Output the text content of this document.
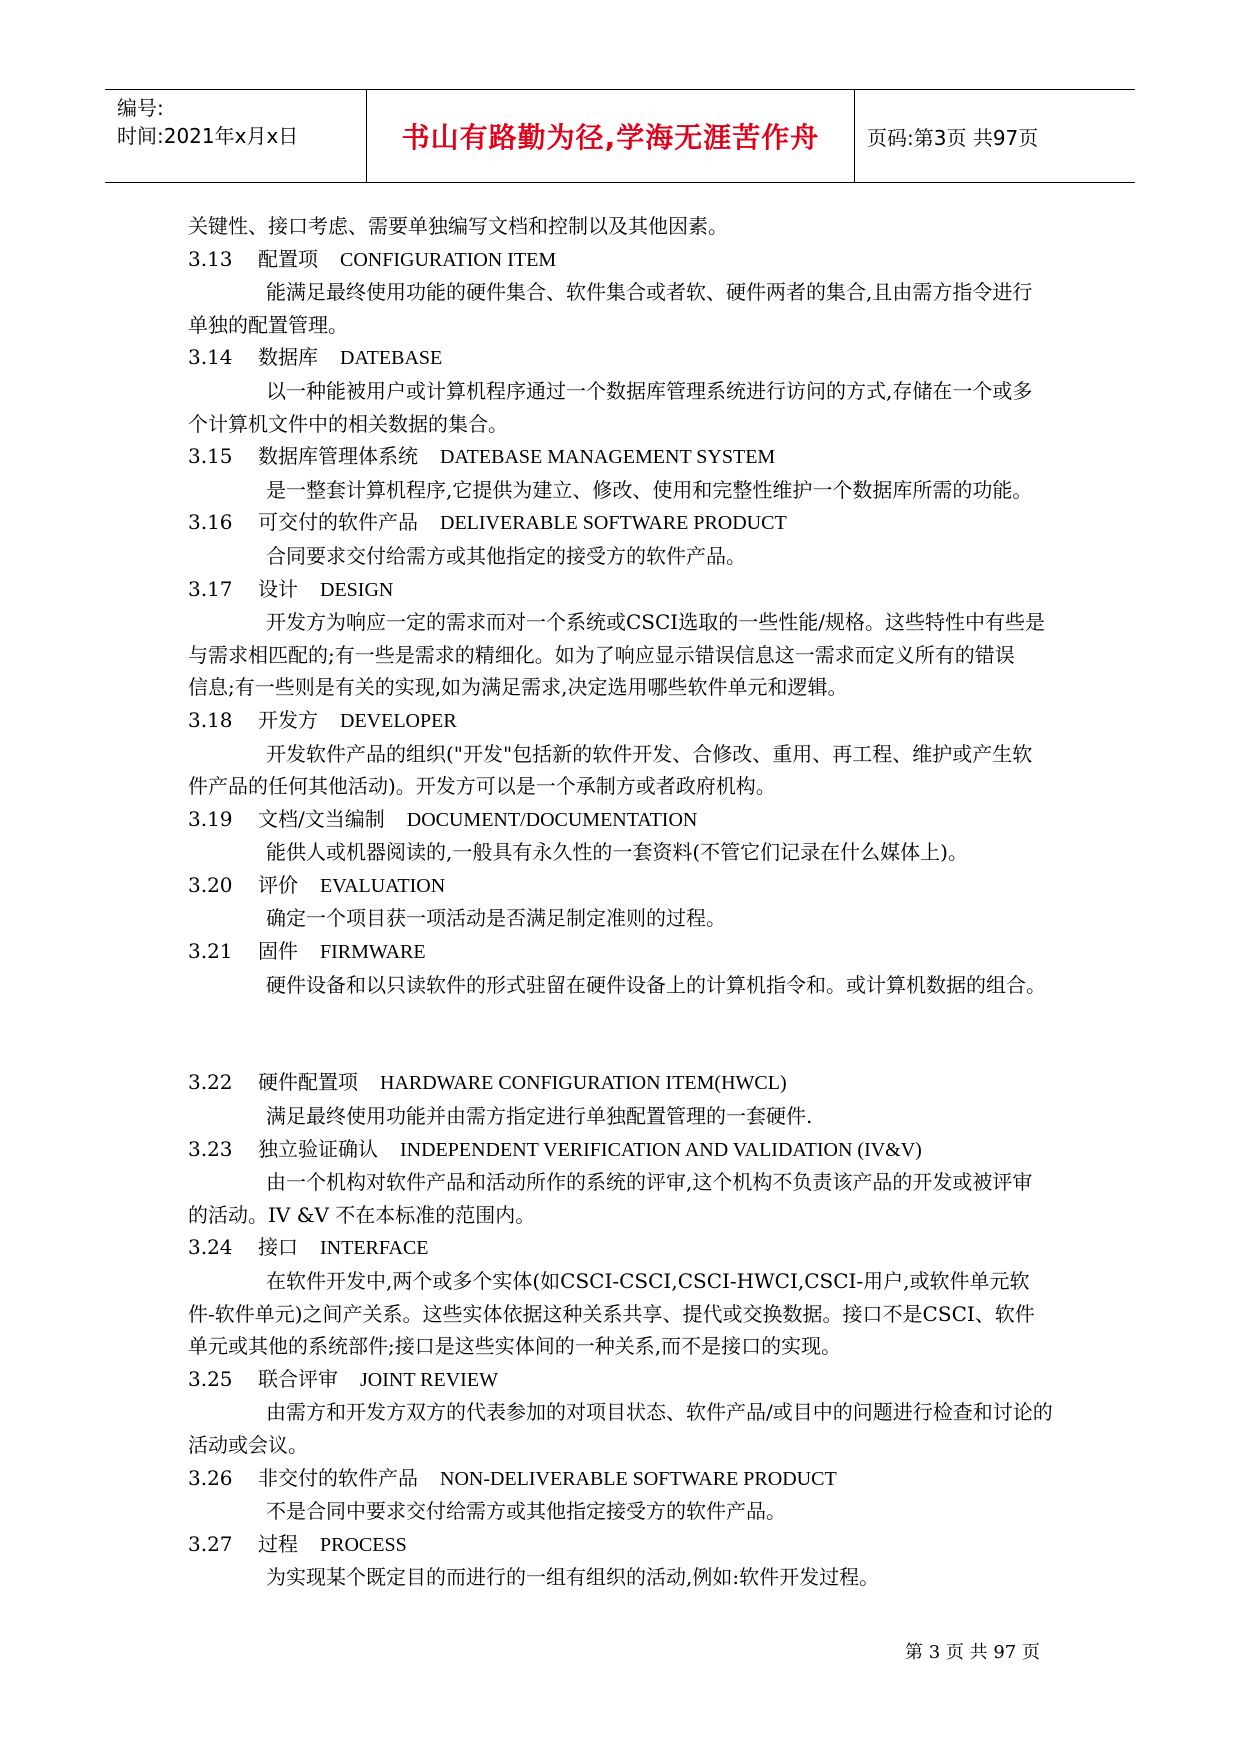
编号:
时间:2021年x月x日	书山有路勤为径,学海无涯苦作舟 页码:第3页 共97页
关键性、接口考虑、需要单独编写文档和控制以及其他因素。
3.13 配置项 CONFIGURATION ITEM
能满足最终使用功能的硬件集合、软件集合或者软、硬件两者的集合,且由需方指令进行
单独的配置管理。
3.14 数据库 DATEBASE
以一种能被用户或计算机程序通过一个数据库管理系统进行访问的方式,存储在一个或多
个计算机文件中的相关数据的集合。
3.15 数据库管理体系统 DATEBASE MANAGEMENT SYSTEM
是一整套计算机程序,它提供为建立、修改、使用和完整性维护一个数据库所需的功能。
3.16 可交付的软件产品 DELIVERABLE SOFTWARE PRODUCT
合同要求交付给需方或其他指定的接受方的软件产品。
3.17 设计 DESIGN
开发方为响应一定的需求而对一个系统或CSCI选取的一些性能/规格。这些特性中有些是
与需求相匹配的;有一些是需求的精细化。如为了响应显示错误信息这一需求而定义所有的错误
信息;有一些则是有关的实现,如为满足需求,决定选用哪些软件单元和逻辑。
3.18 开发方 DEVELOPER
开发软件产品的组织("开发"包括新的软件开发、合修改、重用、再工程、维护或产生软
件产品的任何其他活动)。开发方可以是一个承制方或者政府机构。
3.19 文档/文当编制 DOCUMENT/DOCUMENTATION
能供人或机器阅读的,一般具有永久性的一套资料(不管它们记录在什么媒体上)。
3.20 评价 EVALUATION
确定一个项目获一项活动是否满足制定准则的过程。
3.21 固件 FIRMWARE
硬件设备和以只读软件的形式驻留在硬件设备上的计算机指令和。或计算机数据的组合。
3.22 硬件配置项 HARDWARE CONFIGURATION ITEM(HWCL)
满足最终使用功能并由需方指定进行单独配置管理的一套硬件.
3.23 独立验证确认 INDEPENDENT VERIFICATION AND VALIDATION (IV&V)
由一个机构对软件产品和活动所作的系统的评审,这个机构不负责该产品的开发或被评审
的活动。IV &V 不在本标准的范围内。
3.24 接口 INTERFACE
在软件开发中,两个或多个实体(如CSCI-CSCI,CSCI-HWCI,CSCI-用户,或软件单元软
件-软件单元)之间产关系。这些实体依据这种关系共享、提代或交换数据。接口不是CSCI、软件
单元或其他的系统部件;接口是这些实体间的一种关系,而不是接口的实现。
3.25 联合评审 JOINT REVIEW
由需方和开发方双方的代表参加的对项目状态、软件产品/或目中的问题进行检查和讨论的
活动或会议。
3.26 非交付的软件产品 NON-DELIVERABLE SOFTWARE PRODUCT
不是合同中要求交付给需方或其他指定接受方的软件产品。
3.27 过程 PROCESS
为实现某个既定目的而进行的一组有组织的活动,例如:软件开发过程。
第 3 页 共 97 页
